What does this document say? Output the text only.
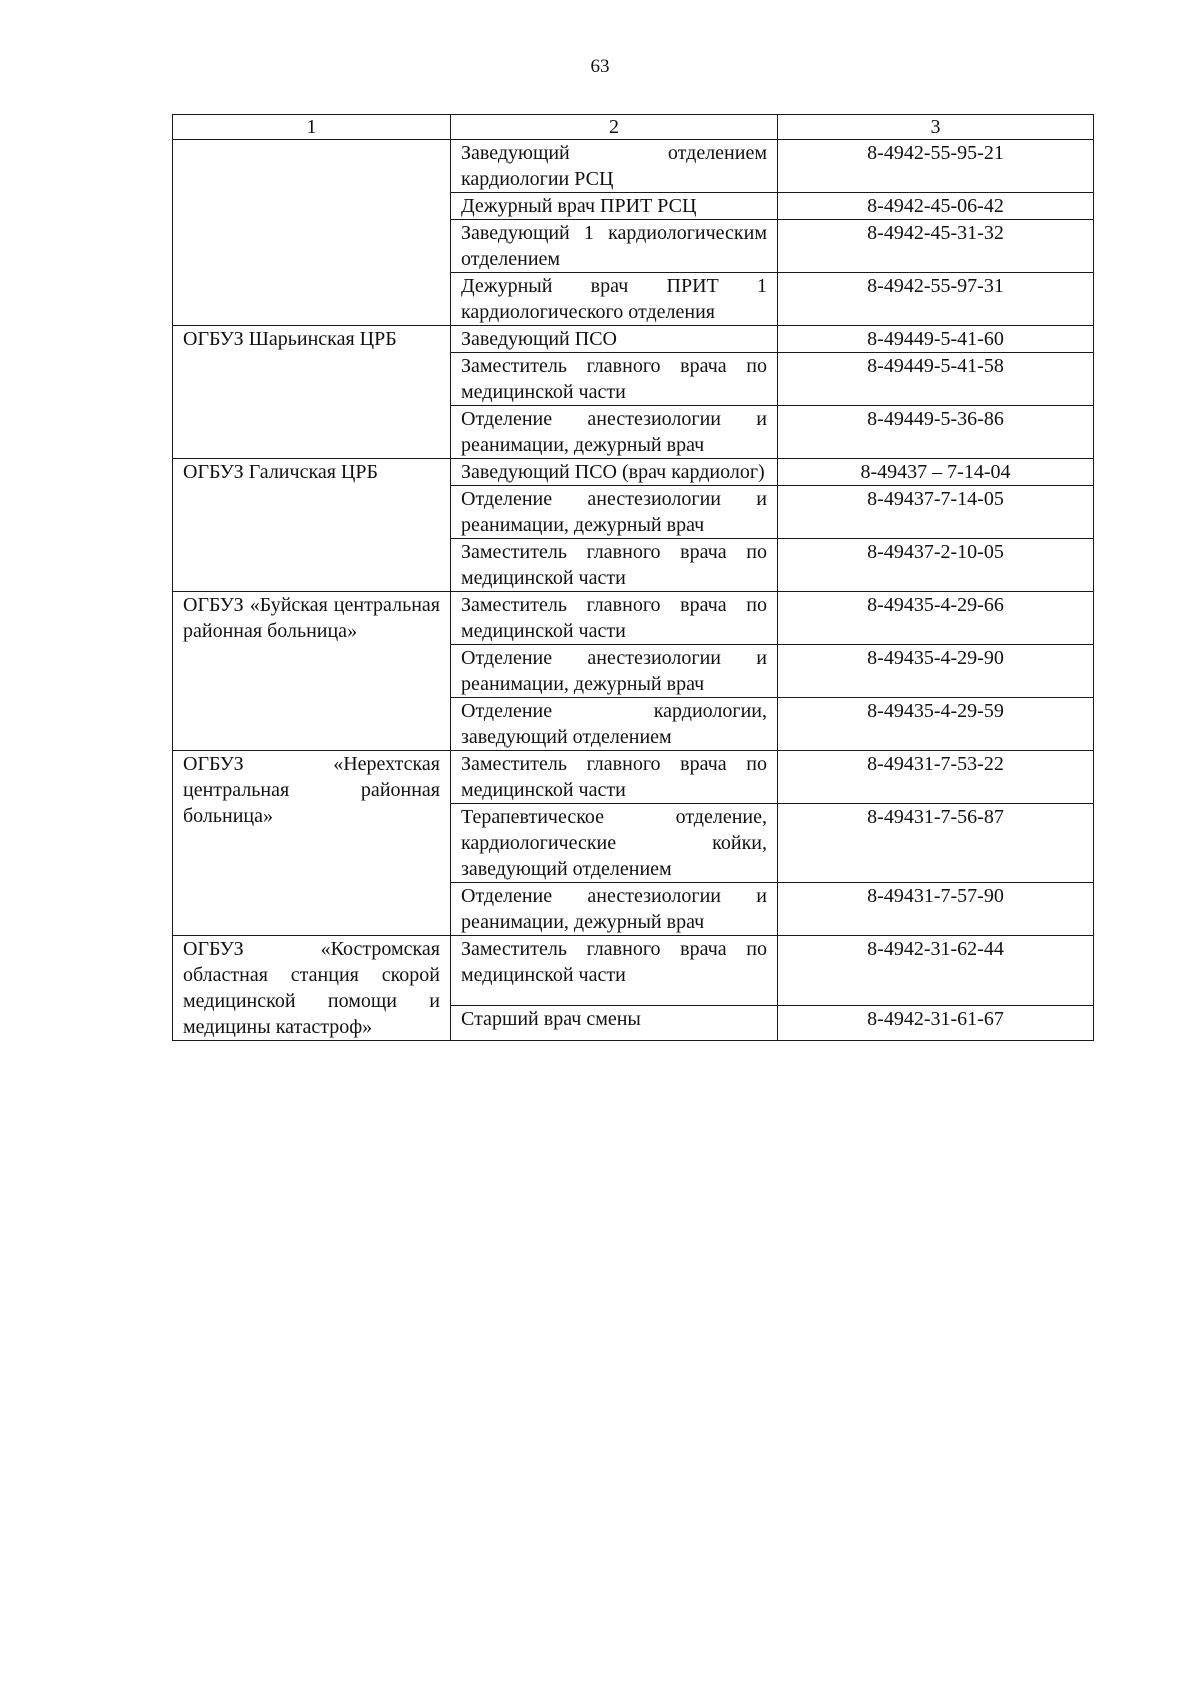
63
1	2	3
	Заведующий отделением кардиологии РСЦ	8-4942-55-95-21
	Дежурный врач ПРИТ РСЦ	8-4942-45-06-42
	Заведующий 1 кардиологическим отделением	8-4942-45-31-32
	Дежурный врач ПРИТ 1 кардиологического отделения	8-4942-55-97-31
ОГБУЗ Шарьинская ЦРБ	Заведующий ПСО	8-49449-5-41-60
	Заместитель главного врача по медицинской части	8-49449-5-41-58
	Отделение анестезиологии и реанимации, дежурный врач	8-49449-5-36-86
ОГБУЗ Галичская ЦРБ	Заведующий ПСО (врач кардиолог)	8-49437 – 7-14-04
	Отделение анестезиологии и реанимации, дежурный врач	8-49437-7-14-05
	Заместитель главного врача по медицинской части	8-49437-2-10-05
ОГБУЗ «Буйская центральная районная больница»	Заместитель главного врача по медицинской части	8-49435-4-29-66
	Отделение анестезиологии и реанимации, дежурный врач	8-49435-4-29-90
	Отделение кардиологии, заведующий отделением	8-49435-4-29-59
ОГБУЗ «Нерехтская центральная районная больница»	Заместитель главного врача по медицинской части	8-49431-7-53-22
	Терапевтическое отделение, кардиологические койки, заведующий отделением	8-49431-7-56-87
	Отделение анестезиологии и реанимации, дежурный врач	8-49431-7-57-90
ОГБУЗ «Костромская областная станция скорой медицинской помощи и медицины катастроф»	Заместитель главного врача по медицинской части	8-4942-31-62-44
	Старший врач смены	8-4942-31-61-67
